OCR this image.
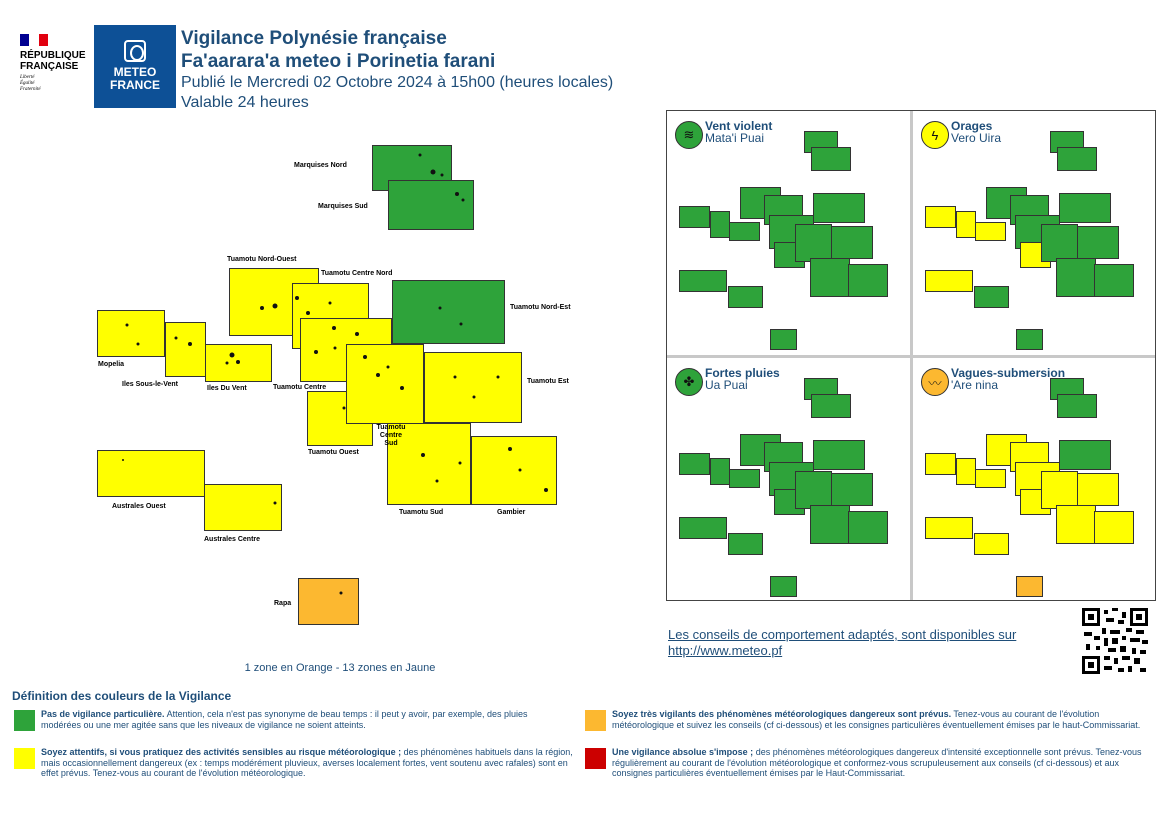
RÉPUBLIQUE
FRANÇAISE
Liberté
Égalité
Fraternité
METEO
FRANCE
Vigilance Polynésie française
Fa'aarara'a meteo i Porinetia farani
Publié le Mercredi 02 Octobre 2024 à 15h00 (heures locales)
Valable 24 heures
Marquises Nord
Marquises Sud
Tuamotu Nord-Ouest
Tuamotu Centre Nord
Tuamotu Nord-Est
Mopelia
Iles Sous-le-Vent
Iles Du Vent	Tuamotu Centre
Tuamotu Est
Tuamotu Ouest
Tuamotu Centre Sud
Australes Ouest
Tuamotu Sud	Gambier
Australes Centre
Rapa
1 zone en Orange - 13 zones en Jaune
≋
Vent violent
Mata'i Puai	ϟ
Orages
Vero Uira
✤
Fortes pluies
Ua Puai	〰
Vagues-submersion
'Are nina
Les conseils de comportement adaptés, sont disponibles sur
http://www.meteo.pf
Définition des couleurs de la Vigilance
Pas de vigilance particulière. Attention, cela n'est pas synonyme de beau temps : il peut y avoir, par exemple, des pluies modérées ou une mer agitée sans que les niveaux de vigilance ne soient atteints.
Soyez très vigilants des phénomènes météorologiques dangereux sont prévus. Tenez-vous au courant de l'évolution météorologique et suivez les conseils (cf ci-dessous) et les consignes particulières éventuellement émises par le haut-Commissariat.
Soyez attentifs, si vous pratiquez des activités sensibles au risque météorologique ; des phénomènes habituels dans la région, mais occasionnellement dangereux (ex : temps modérément pluvieux, averses localement fortes, vent soutenu avec rafales) sont en effet prévus. Tenez-vous au courant de l'évolution météorologique.
Une vigilance absolue s'impose ; des phénomènes météorologiques dangereux d'intensité exceptionnelle sont prévus. Tenez-vous régulièrement au courant de l'évolution météorologique et conformez-vous scrupuleusement aux conseils (cf ci-dessous) et aux consignes particulières éventuellement émises par le Haut-Commissariat.
